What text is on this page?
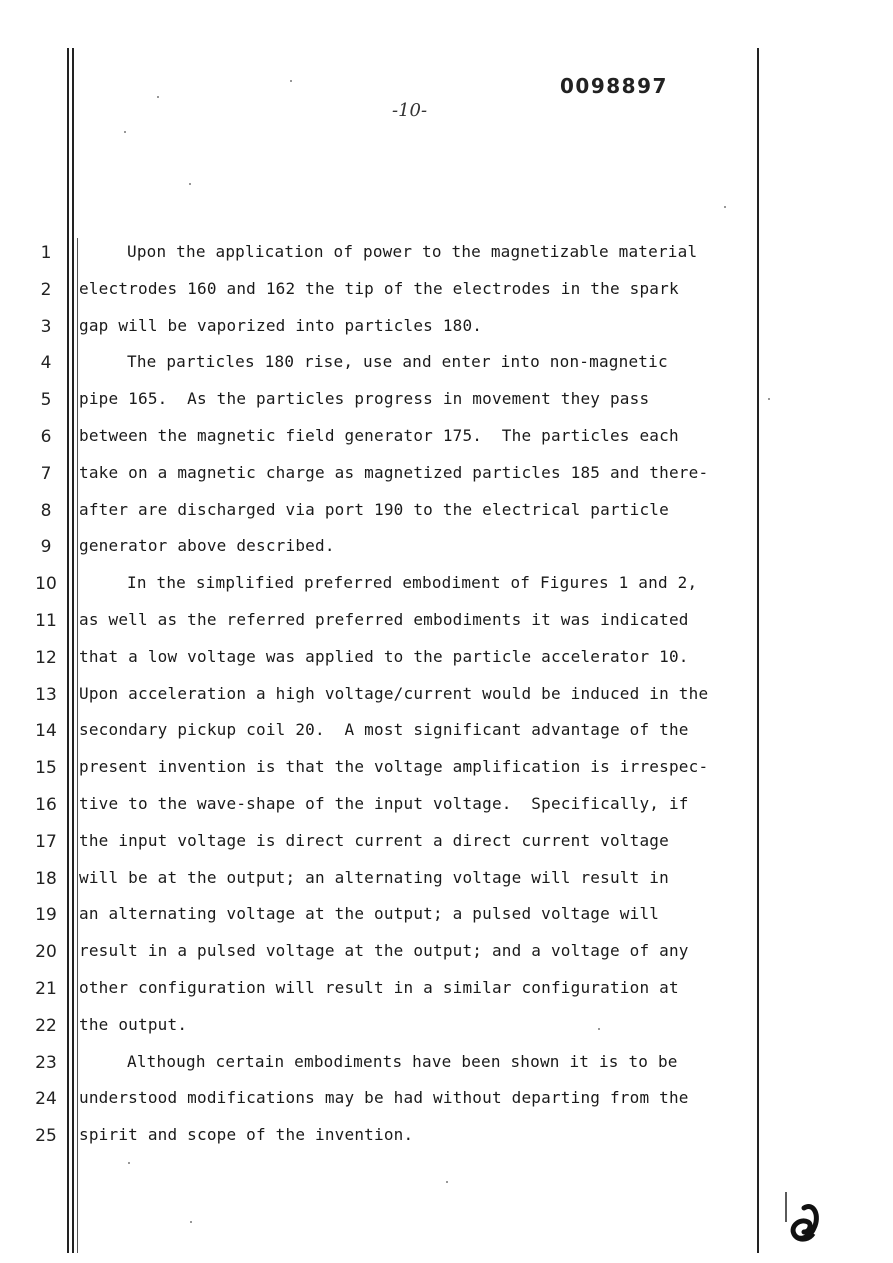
0098897
-10-
1	Upon the application of power to the magnetizable material
2	electrodes 160 and 162 the tip of the electrodes in the spark
3	gap will be vaporized into particles 180.
4	The particles 180 rise, use and enter into non-magnetic
5	pipe 165.  As the particles progress in movement they pass
6	between the magnetic field generator 175.  The particles each
7	take on a magnetic charge as magnetized particles 185 and there-
8	after are discharged via port 190 to the electrical particle
9	generator above described.
10	In the simplified preferred embodiment of Figures 1 and 2,
11	as well as the referred preferred embodiments it was indicated
12	that a low voltage was applied to the particle accelerator 10.
13	Upon acceleration a high voltage/current would be induced in the
14	secondary pickup coil 20.  A most significant advantage of the
15	present invention is that the voltage amplification is irrespec-
16	tive to the wave-shape of the input voltage.  Specifically, if
17	the input voltage is direct current a direct current voltage
18	will be at the output; an alternating voltage will result in
19	an alternating voltage at the output; a pulsed voltage will
20	result in a pulsed voltage at the output; and a voltage of any
21	other configuration will result in a similar configuration at
22	the output.
23	Although certain embodiments have been shown it is to be
24	understood modifications may be had without departing from the
25	spirit and scope of the invention.
